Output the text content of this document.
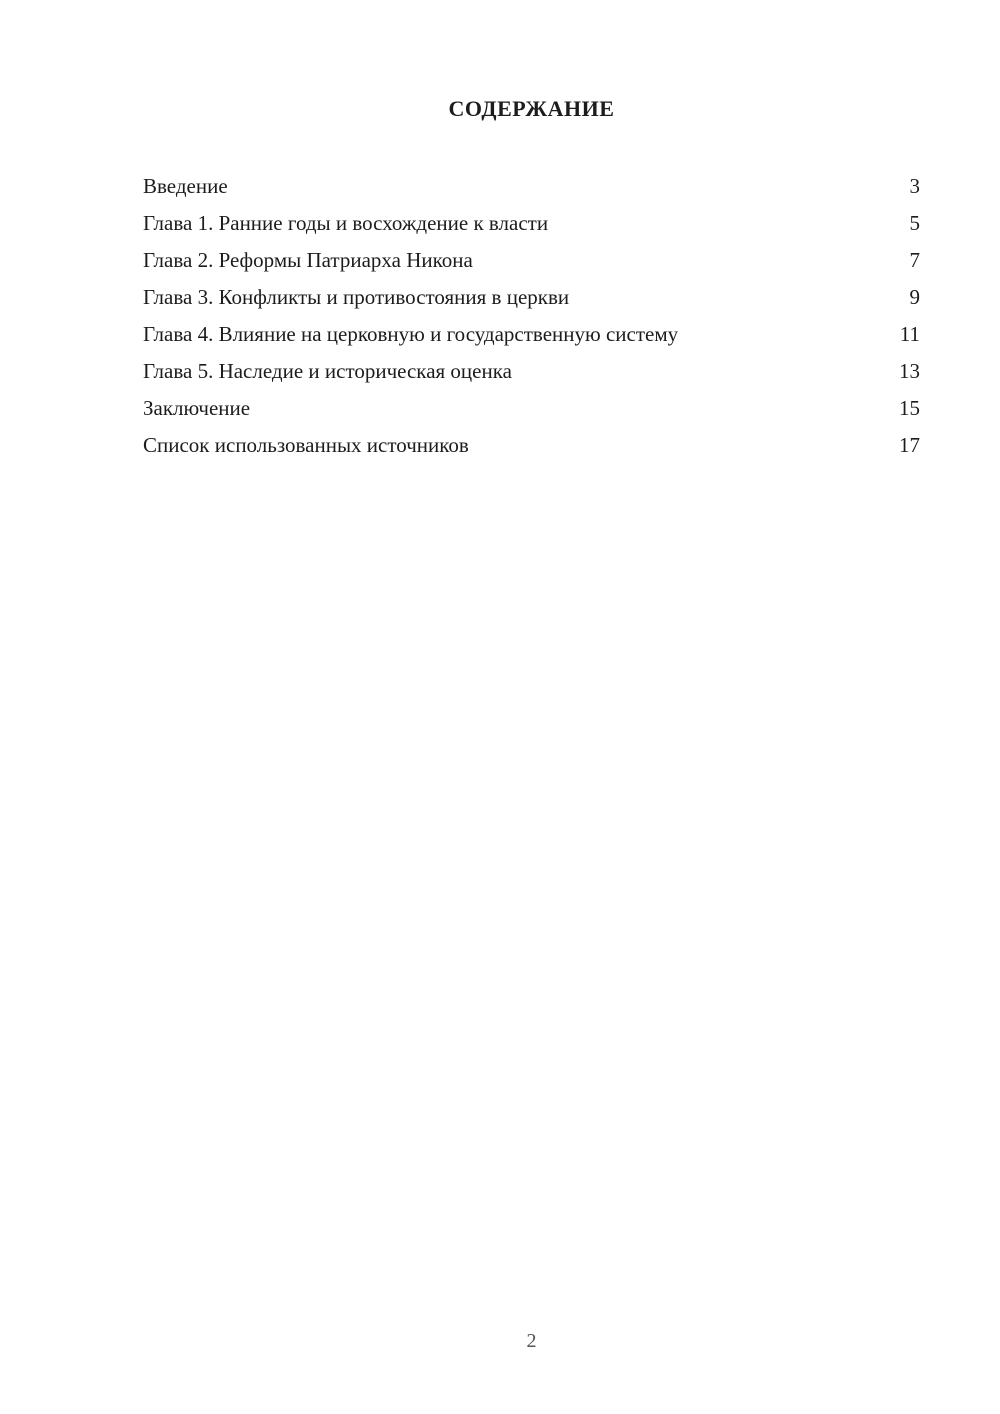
СОДЕРЖАНИЕ
Введение	3
Глава 1. Ранние годы и восхождение к власти	5
Глава 2. Реформы Патриарха Никона	7
Глава 3. Конфликты и противостояния в церкви	9
Глава 4. Влияние на церковную и государственную систему	11
Глава 5. Наследие и историческая оценка	13
Заключение	15
Список использованных источников	17
2
